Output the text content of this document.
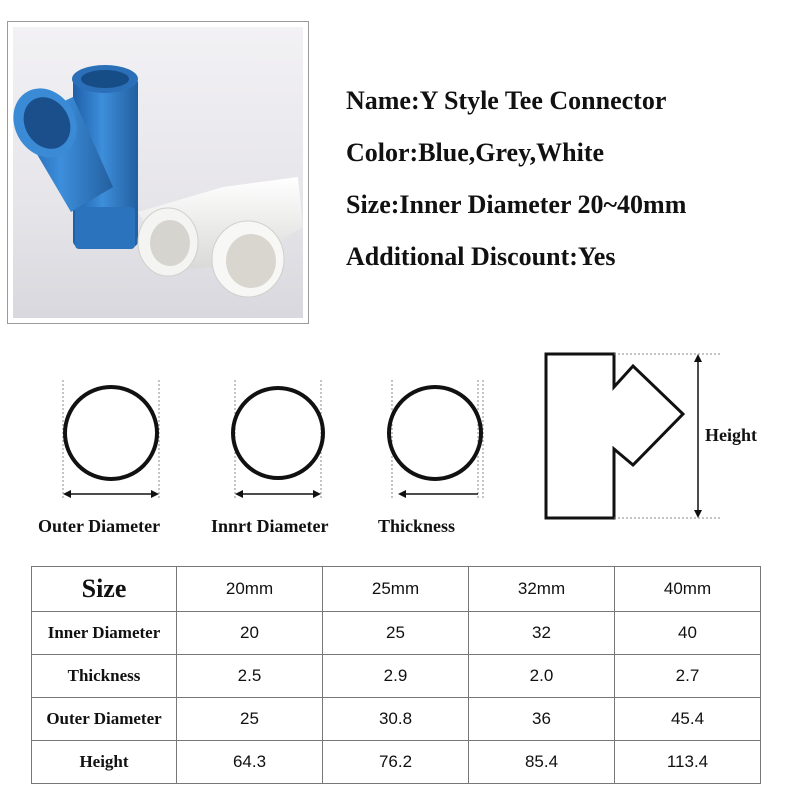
Name:Y Style Tee Connector
Color:Blue,Grey,White
Size:Inner Diameter 20~40mm
Additional Discount:Yes
Outer Diameter	Innrt Diameter	Thickness
Height
Size	20mm	25mm	32mm	40mm
Inner Diameter	20	25	32	40
Thickness	2.5	2.9	2.0	2.7
Outer Diameter	25	30.8	36	45.4
Height	64.3	76.2	85.4	113.4
